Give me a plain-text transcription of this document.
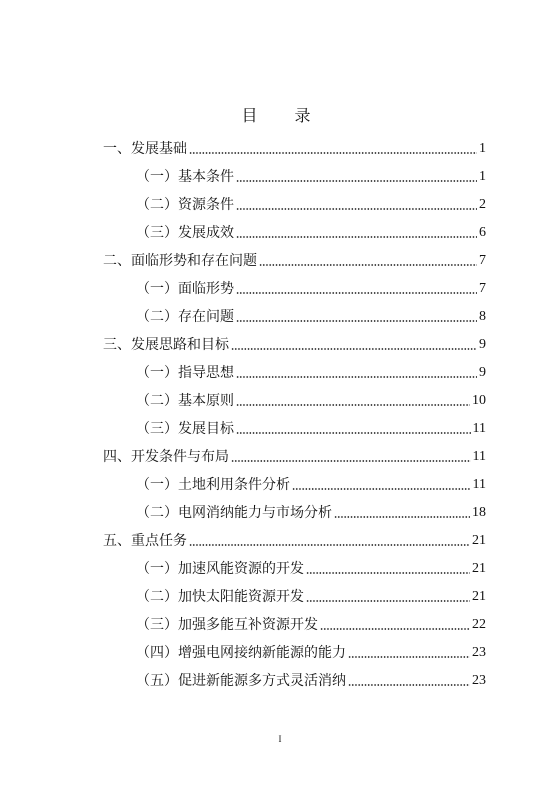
目 录
一、发展基础	1
（一）基本条件	1
（二）资源条件	2
（三）发展成效	6
二、面临形势和存在问题	7
（一）面临形势	7
（二）存在问题	8
三、发展思路和目标	9
（一）指导思想	9
（二）基本原则	10
（三）发展目标	11
四、开发条件与布局	11
（一）土地利用条件分析	11
（二）电网消纳能力与市场分析	18
五、重点任务	21
（一）加速风能资源的开发	21
（二）加快太阳能资源开发	21
（三）加强多能互补资源开发	22
（四）增强电网接纳新能源的能力	23
（五）促进新能源多方式灵活消纳	23
I
